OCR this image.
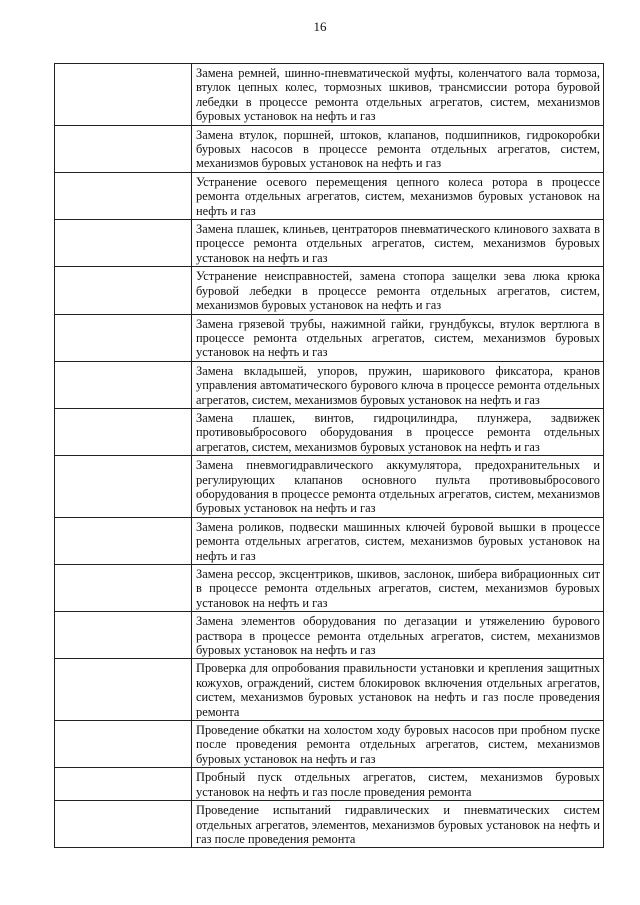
16
	Замена ремней, шинно-пневматической муфты, коленчатого вала тормоза, втулок цепных колес, тормозных шкивов, трансмиссии ротора буровой лебедки в процессе ремонта отдельных агрегатов, систем, механизмов буровых установок на нефть и газ
	Замена втулок, поршней, штоков, клапанов, подшипников, гидрокоробки буровых насосов в процессе ремонта отдельных агрегатов, систем, механизмов буровых установок на нефть и газ
	Устранение осевого перемещения цепного колеса ротора в процессе ремонта отдельных агрегатов, систем, механизмов буровых установок на нефть и газ
	Замена плашек, клиньев, центраторов пневматического клинового захвата в процессе ремонта отдельных агрегатов, систем, механизмов буровых установок на нефть и газ
	Устранение неисправностей, замена стопора защелки зева люка крюка буровой лебедки в процессе ремонта отдельных агрегатов, систем, механизмов буровых установок на нефть и газ
	Замена грязевой трубы, нажимной гайки, грундбуксы, втулок вертлюга в процессе ремонта отдельных агрегатов, систем, механизмов буровых установок на нефть и газ
	Замена вкладышей, упоров, пружин, шарикового фиксатора, кранов управления автоматического бурового ключа в процессе ремонта отдельных агрегатов, систем, механизмов буровых установок на нефть и газ
	Замена плашек, винтов, гидроцилиндра, плунжера, задвижек противовыбросового оборудования в процессе ремонта отдельных агрегатов, систем, механизмов буровых установок на нефть и газ
	Замена пневмогидравлического аккумулятора, предохранительных и регулирующих клапанов основного пульта противовыбросового оборудования в процессе ремонта отдельных агрегатов, систем, механизмов буровых установок на нефть и газ
	Замена роликов, подвески машинных ключей буровой вышки в процессе ремонта отдельных агрегатов, систем, механизмов буровых установок на нефть и газ
	Замена рессор, эксцентриков, шкивов, заслонок, шибера вибрационных сит в процессе ремонта отдельных агрегатов, систем, механизмов буровых установок на нефть и газ
	Замена элементов оборудования по дегазации и утяжелению бурового раствора в процессе ремонта отдельных агрегатов, систем, механизмов буровых установок на нефть и газ
	Проверка для опробования правильности установки и крепления защитных кожухов, ограждений, систем блокировок включения отдельных агрегатов, систем, механизмов буровых установок на нефть и газ после проведения ремонта
	Проведение обкатки на холостом ходу буровых насосов при пробном пуске после проведения ремонта отдельных агрегатов, систем, механизмов буровых установок на нефть и газ
	Пробный пуск отдельных агрегатов, систем, механизмов буровых установок на нефть и газ после проведения ремонта
	Проведение испытаний гидравлических и пневматических систем отдельных агрегатов, элементов, механизмов буровых установок на нефть и газ после проведения ремонта
